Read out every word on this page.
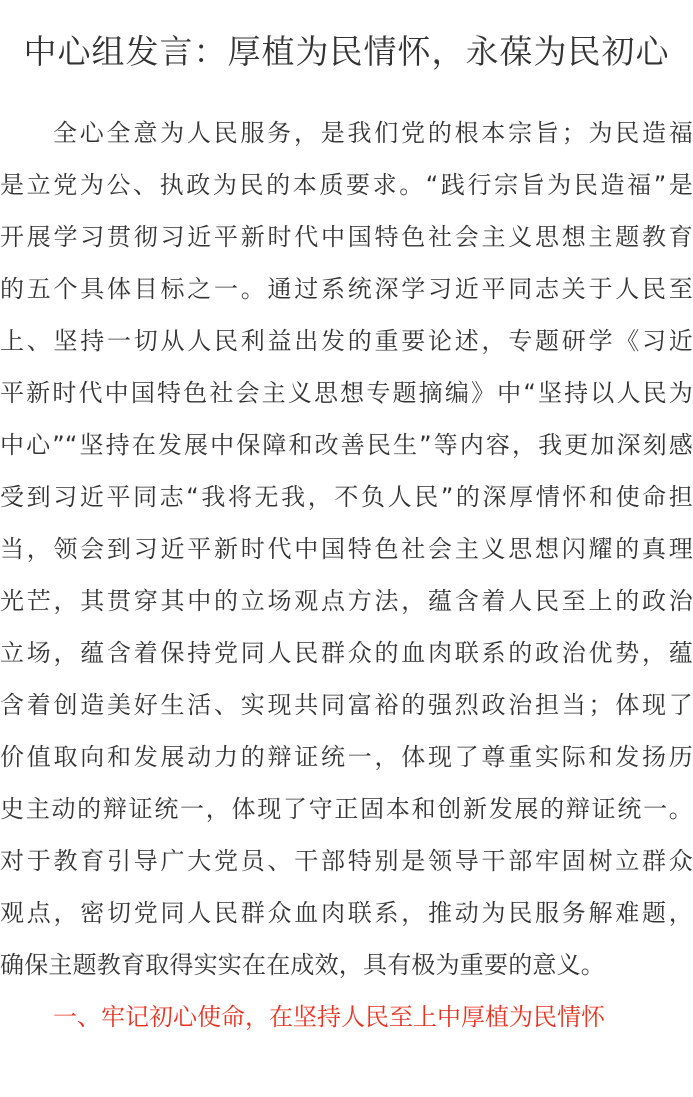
中心组发言：厚植为民情怀，永葆为民初心
全心全意为人民服务，是我们党的根本宗旨；为民造福
是立党为公、执政为民的本质要求。“践行宗旨为民造福”是
开展学习贯彻习近平新时代中国特色社会主义思想主题教育
的五个具体目标之一。通过系统深学习近平同志关于人民至
上、坚持一切从人民利益出发的重要论述，专题研学《习近
平新时代中国特色社会主义思想专题摘编》中“坚持以人民为
中心”“坚持在发展中保障和改善民生”等内容，我更加深刻感
受到习近平同志“我将无我，不负人民”的深厚情怀和使命担
当，领会到习近平新时代中国特色社会主义思想闪耀的真理
光芒，其贯穿其中的立场观点方法，蕴含着人民至上的政治
立场，蕴含着保持党同人民群众的血肉联系的政治优势，蕴
含着创造美好生活、实现共同富裕的强烈政治担当；体现了
价值取向和发展动力的辩证统一，体现了尊重实际和发扬历
史主动的辩证统一，体现了守正固本和创新发展的辩证统一。
对于教育引导广大党员、干部特别是领导干部牢固树立群众
观点，密切党同人民群众血肉联系，推动为民服务解难题，
确保主题教育取得实实在在成效，具有极为重要的意义。
一、牢记初心使命，在坚持人民至上中厚植为民情怀
